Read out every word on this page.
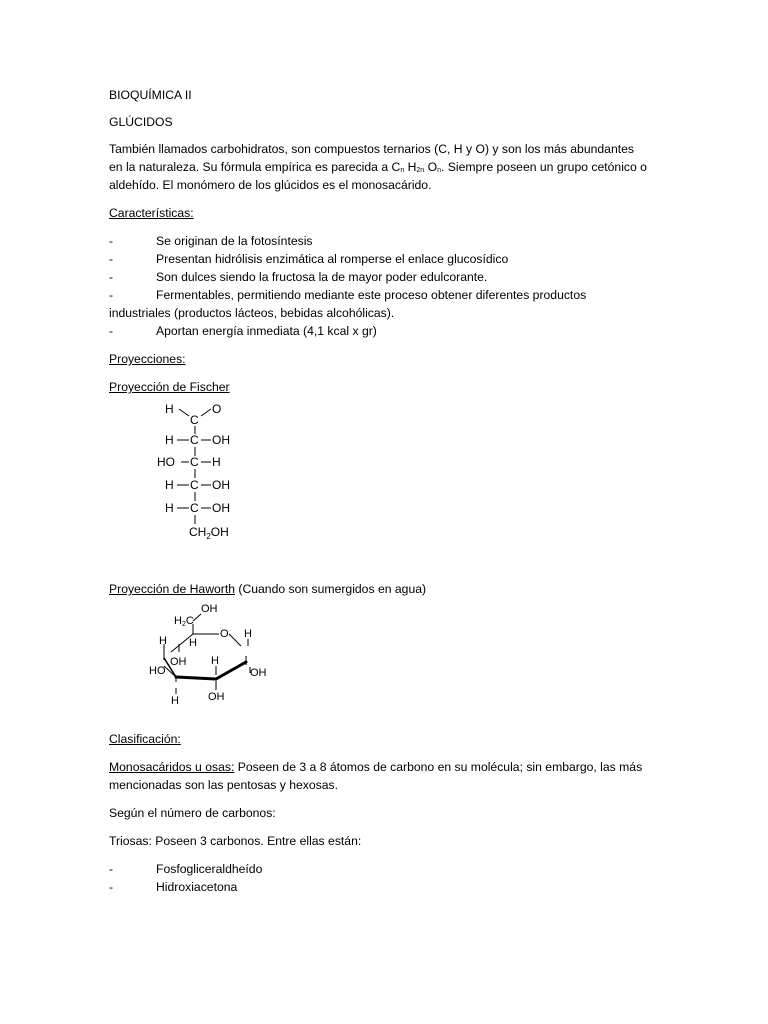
BIOQUÍMICA II

GLÚCIDOS

También llamados carbohidratos, son compuestos ternarios (C, H y O) y son los más abundantes en la naturaleza. Su fórmula empírica es parecida a $C_n$ $H_{2n}$ $O_n$. Siempre poseen un grupo cetónico o aldehído. El monómero de los glúcidos es el monosacárido.

Características:

-	Se originan de la fotosíntesis
-	Presentan hidrólisis enzimática al romperse el enlace glucosídico
-	Son dulces siendo la fructosa la de mayor poder edulcorante.
-	Fermentables, permitiendo mediante este proceso obtener diferentes productos

industriales (productos lácteos, bebidas alcohólicas).

-	Aportan energía inmediata (4,1 kcal x gr)

Proyecciones:

Proyección de Fischer

H	O
C
H C OH
HO C H
H C OH
H C OH
$CH_2OH$

Proyección de Haworth (Cuando son sumergidos en agua)

H2C
OH
H
O
H
H
HO
OH H
OH
H	OH

Clasificación:

Monosacáridos u osas: Poseen de 3 a 8 átomos de carbono en su molécula; sin embargo, las más mencionadas son las pentosas y hexosas.

Según el número de carbonos:

Triosas: Poseen 3 carbonos. Entre ellas están:

-	Fosfogliceraldheído
-	Hidroxiacetona
